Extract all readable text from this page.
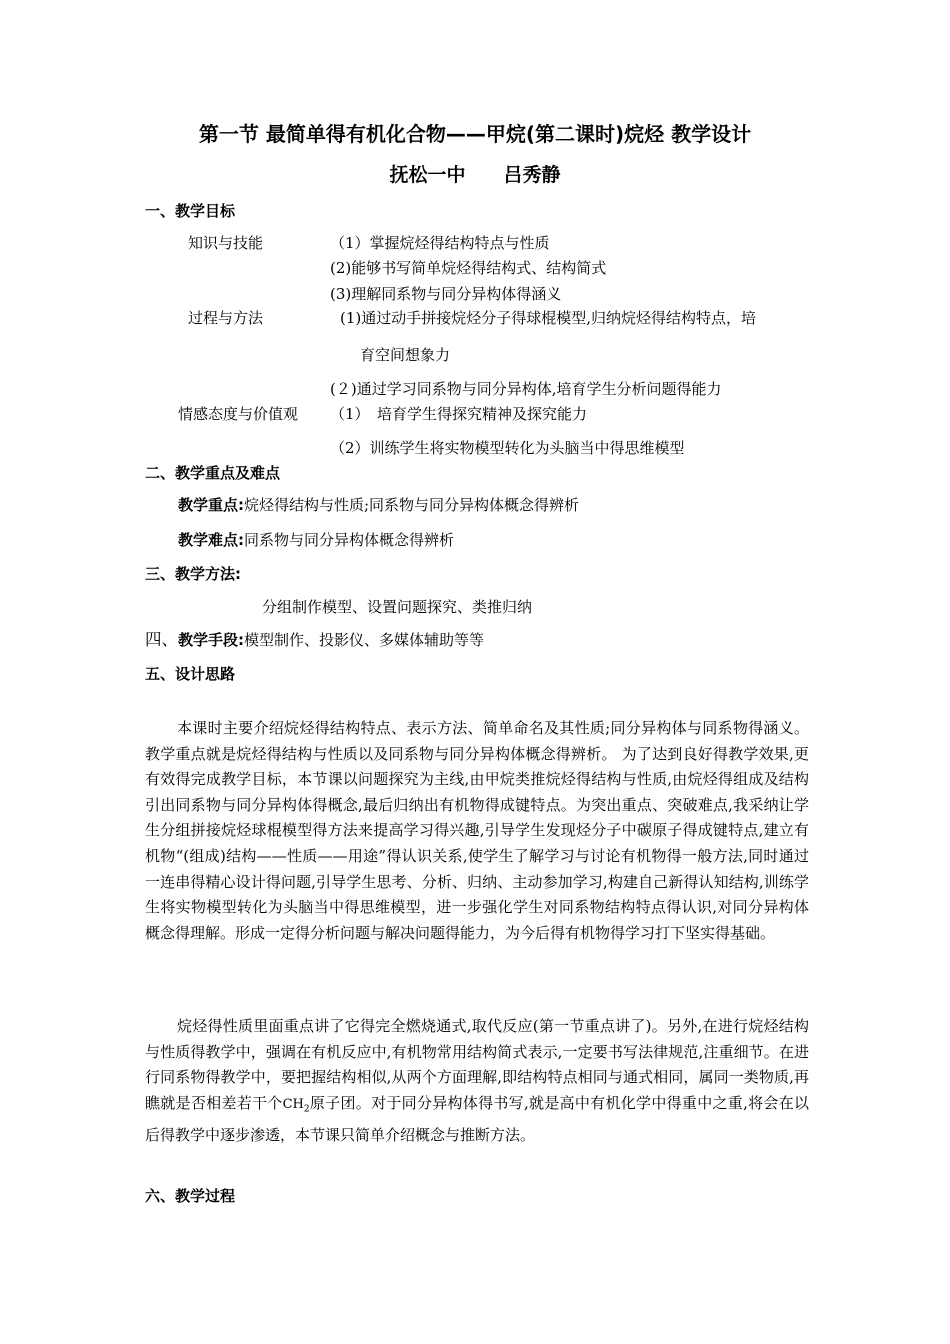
第一节 最简单得有机化合物——甲烷(第二课时)烷烃 教学设计
抚松一中　　吕秀静
一、教学目标
知识与技能	（1）掌握烷烃得结构特点与性质
(2)能够书写简单烷烃得结构式、结构简式
(3)理解同系物与同分异构体得涵义
过程与方法	(1)通过动手拼接烷烃分子得球棍模型,归纳烷烃得结构特点，培
育空间想象力
(２)通过学习同系物与同分异构体,培育学生分析问题得能力
情感态度与价值观 （1）　培育学生得探究精神及探究能力
（2）训练学生将实物模型转化为头脑当中得思维模型
二、教学重点及难点
教学重点:烷烃得结构与性质;同系物与同分异构体概念得辨析
教学难点:同系物与同分异构体概念得辨析
三、教学方法:
分组制作模型、设置问题探究、类推归纳
四、教学手段:模型制作、投影仪、多媒体辅助等等
五、设计思路
本课时主要介绍烷烃得结构特点、表示方法、简单命名及其性质;同分异构体与同系物得涵义。教学重点就是烷烃得结构与性质以及同系物与同分异构体概念得辨析。 为了达到良好得教学效果,更有效得完成教学目标，本节课以问题探究为主线,由甲烷类推烷烃得结构与性质,由烷烃得组成及结构引出同系物与同分异构体得概念,最后归纳出有机物得成键特点。为突出重点、突破难点,我采纳让学生分组拼接烷烃球棍模型得方法来提高学习得兴趣,引导学生发现烃分子中碳原子得成键特点,建立有机物“(组成)结构——性质——用途”得认识关系,使学生了解学习与讨论有机物得一般方法,同时通过一连串得精心设计得问题,引导学生思考、分析、归纳、主动参加学习,构建自己新得认知结构,训练学生将实物模型转化为头脑当中得思维模型，进一步强化学生对同系物结构特点得认识,对同分异构体概念得理解。形成一定得分析问题与解决问题得能力，为今后得有机物得学习打下坚实得基础。
烷烃得性质里面重点讲了它得完全燃烧通式,取代反应(第一节重点讲了)。另外,在进行烷烃结构与性质得教学中，强调在有机反应中,有机物常用结构简式表示,一定要书写法律规范,注重细节。在进行同系物得教学中，要把握结构相似,从两个方面理解,即结构特点相同与通式相同，属同一类物质,再瞧就是否相差若干个$CH_2$原子团。对于同分异构体得书写,就是高中有机化学中得重中之重,将会在以后得教学中逐步渗透，本节课只简单介绍概念与推断方法。
六、教学过程
